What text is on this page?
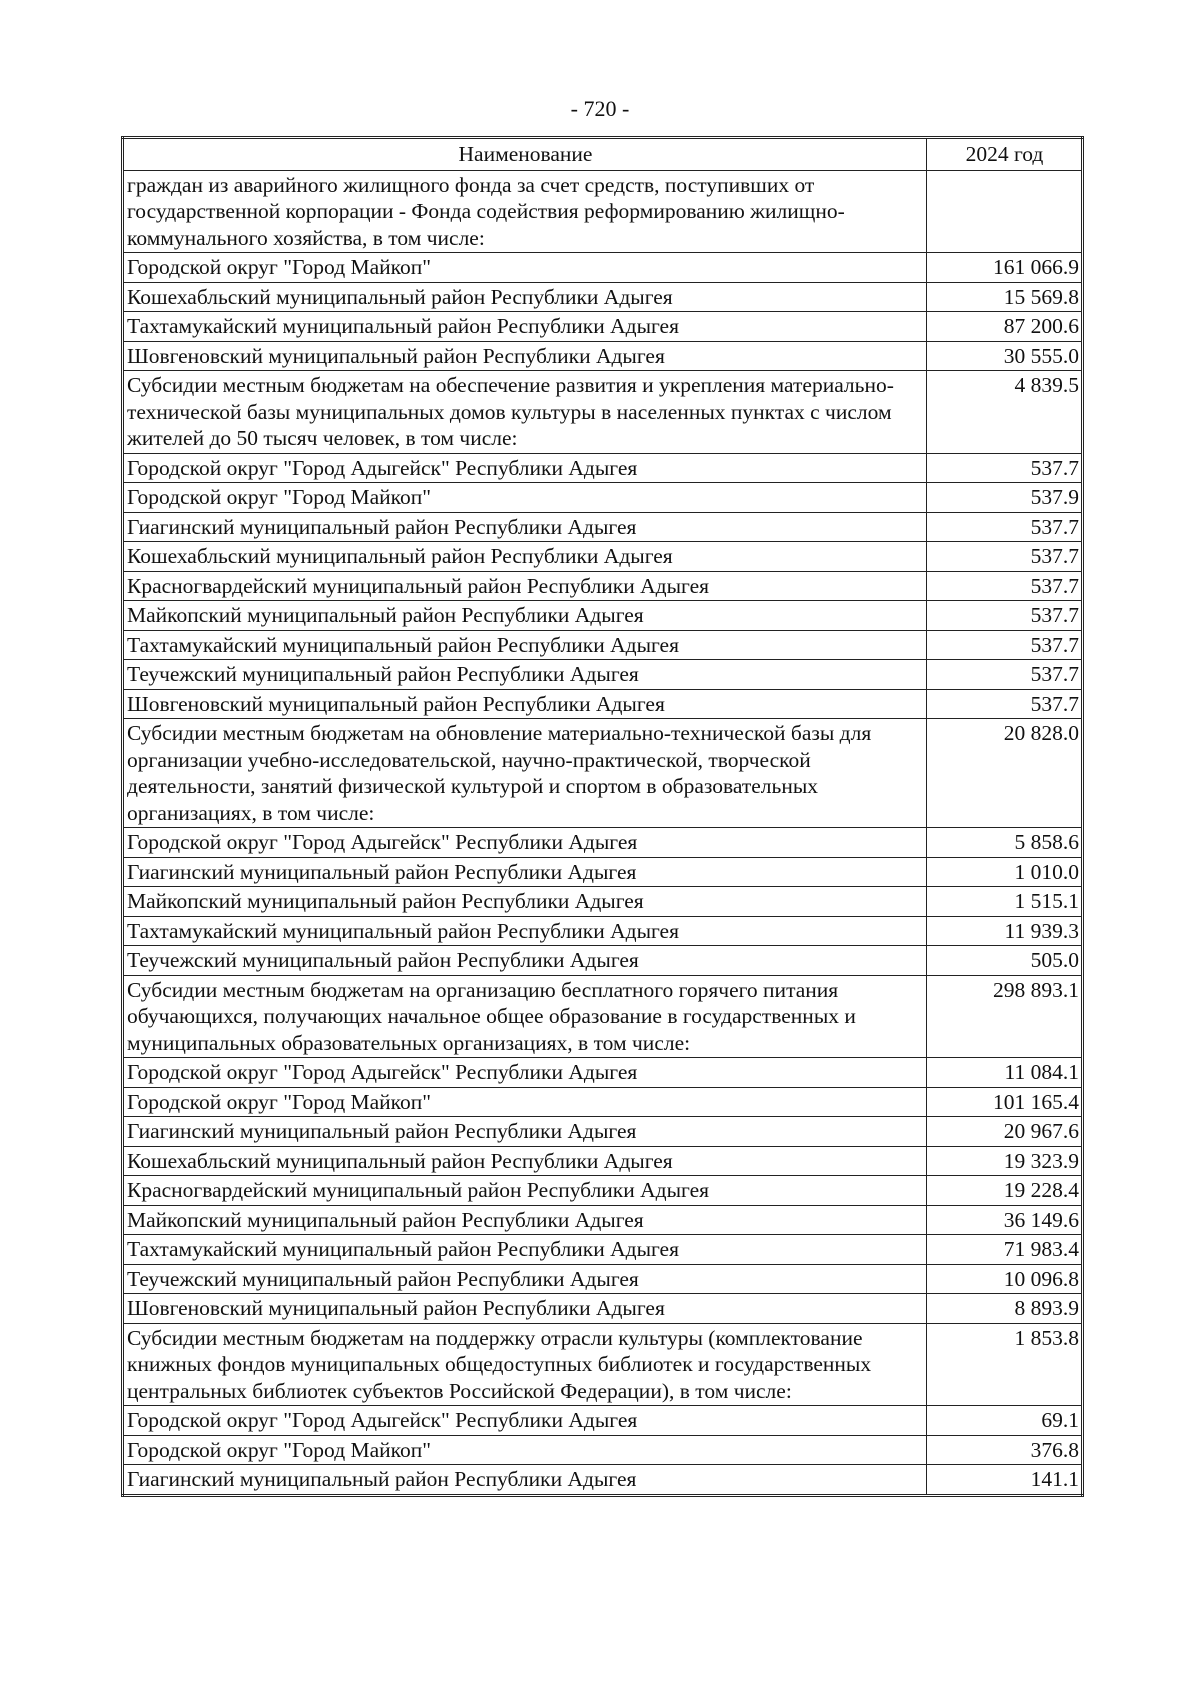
- 720 -
Наименование	2024 год
граждан из аварийного жилищного фонда за счет средств, поступивших от государственной корпорации - Фонда содействия реформированию жилищно-коммунального хозяйства, в том числе:	
Городской округ "Город Майкоп"	161 066.9
Кошехабльский муниципальный район Республики Адыгея	15 569.8
Тахтамукайский муниципальный район Республики Адыгея	87 200.6
Шовгеновский муниципальный район Республики Адыгея	30 555.0
Субсидии местным бюджетам на обеспечение развития и укрепления материально-технической базы муниципальных домов культуры в населенных пунктах с числом жителей до 50 тысяч человек, в том числе:	4 839.5
Городской округ "Город Адыгейск" Республики Адыгея	537.7
Городской округ "Город Майкоп"	537.9
Гиагинский муниципальный район Республики Адыгея	537.7
Кошехабльский муниципальный район Республики Адыгея	537.7
Красногвардейский муниципальный район Республики Адыгея	537.7
Майкопский муниципальный район Республики Адыгея	537.7
Тахтамукайский муниципальный район Республики Адыгея	537.7
Теучежский муниципальный район Республики Адыгея	537.7
Шовгеновский муниципальный район Республики Адыгея	537.7
Субсидии местным бюджетам на обновление материально-технической базы для организации учебно-исследовательской, научно-практической, творческой деятельности, занятий физической культурой и спортом в образовательных организациях, в том числе:	20 828.0
Городской округ "Город Адыгейск" Республики Адыгея	5 858.6
Гиагинский муниципальный район Республики Адыгея	1 010.0
Майкопский муниципальный район Республики Адыгея	1 515.1
Тахтамукайский муниципальный район Республики Адыгея	11 939.3
Теучежский муниципальный район Республики Адыгея	505.0
Субсидии местным бюджетам на организацию бесплатного горячего питания обучающихся, получающих начальное общее образование в государственных и муниципальных образовательных организациях, в том числе:	298 893.1
Городской округ "Город Адыгейск" Республики Адыгея	11 084.1
Городской округ "Город Майкоп"	101 165.4
Гиагинский муниципальный район Республики Адыгея	20 967.6
Кошехабльский муниципальный район Республики Адыгея	19 323.9
Красногвардейский муниципальный район Республики Адыгея	19 228.4
Майкопский муниципальный район Республики Адыгея	36 149.6
Тахтамукайский муниципальный район Республики Адыгея	71 983.4
Теучежский муниципальный район Республики Адыгея	10 096.8
Шовгеновский муниципальный район Республики Адыгея	8 893.9
Субсидии местным бюджетам на поддержку отрасли культуры (комплектование книжных фондов муниципальных общедоступных библиотек и государственных центральных библиотек субъектов Российской Федерации), в том числе:	1 853.8
Городской округ "Город Адыгейск" Республики Адыгея	69.1
Городской округ "Город Майкоп"	376.8
Гиагинский муниципальный район Республики Адыгея	141.1
